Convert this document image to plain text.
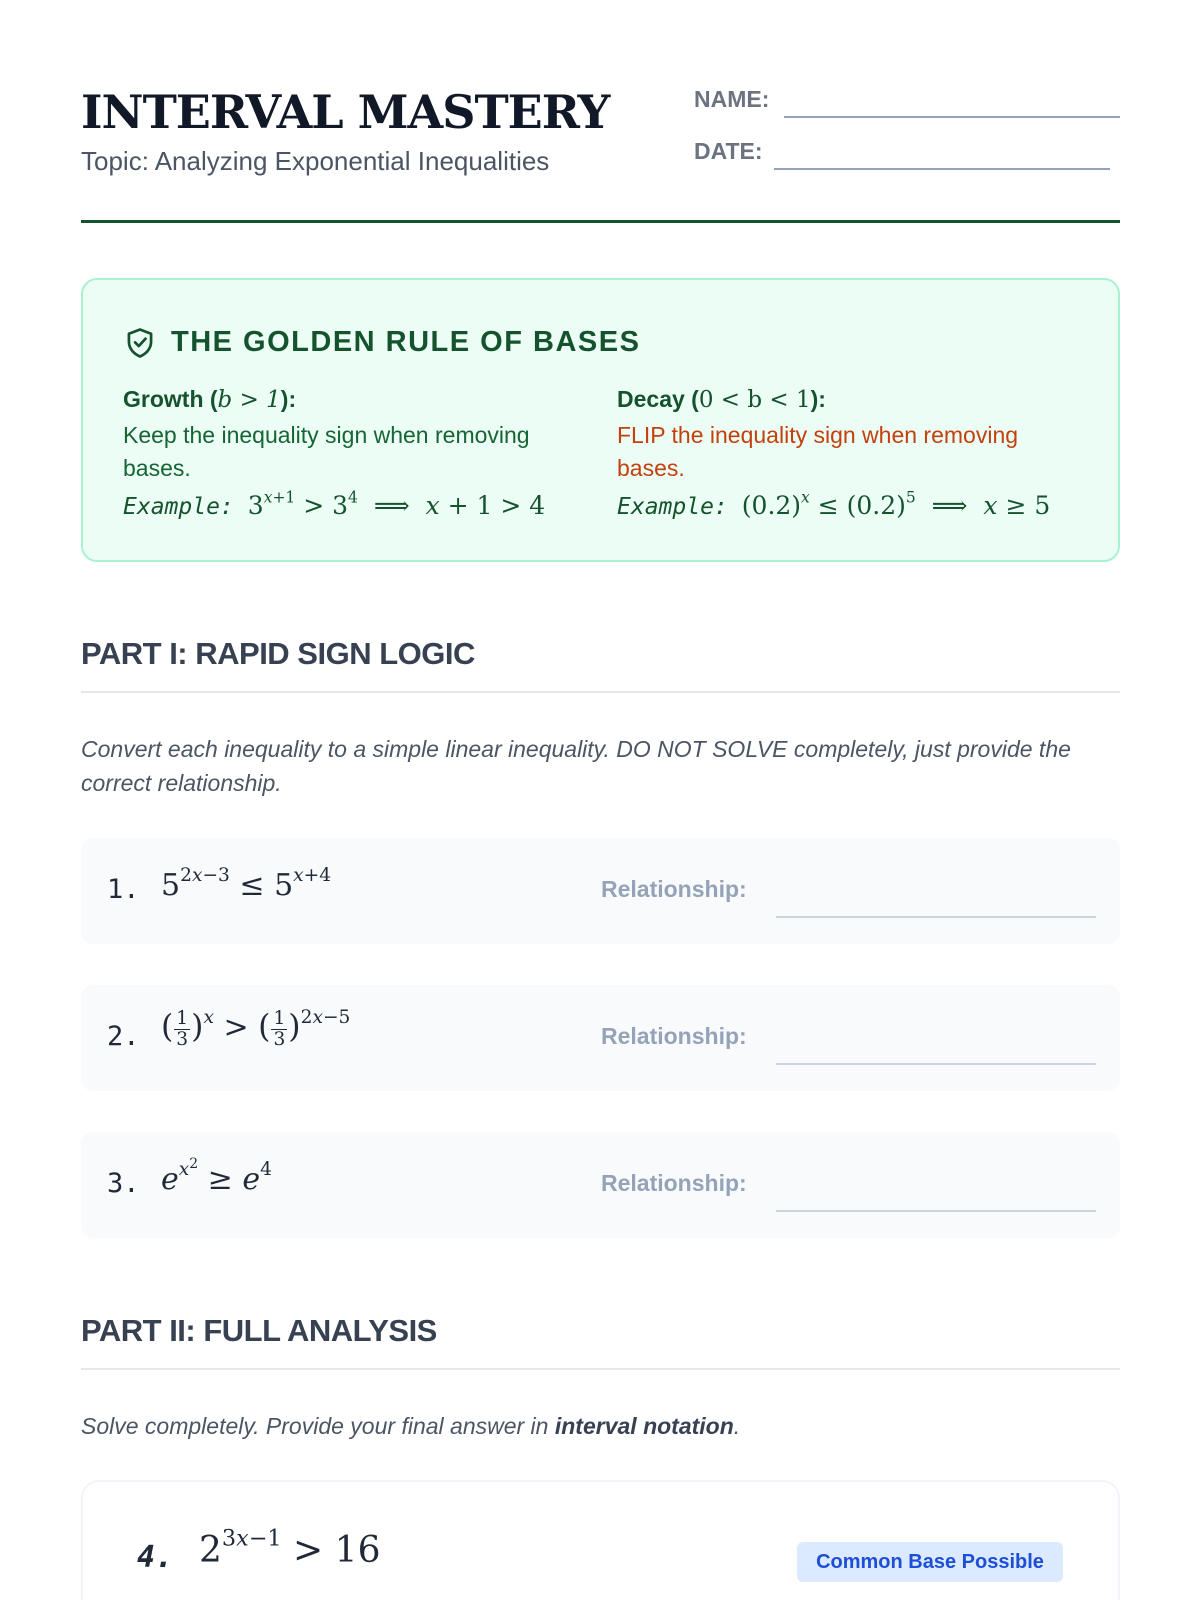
INTERVAL MASTERY
Topic: Analyzing Exponential Inequalities
NAME:
DATE:
THE GOLDEN RULE OF BASES
Growth (b > 1):
Keep the inequality sign when removing bases.
Example: $3^{x+1} > 3^4$  ⟹  x + 1 > 4
Decay (0 < b < 1):
FLIP the inequality sign when removing bases.
Example: $(0.2)^x \le (0.2)^5$  ⟹  x ≥ 5
PART I: RAPID SIGN LOGIC
Convert each inequality to a simple linear inequality. DO NOT SOLVE completely, just provide the correct relationship.
1. $5^{2x-3} \le 5^{x+4}$
Relationship:
2. ( $\frac{1}{3} )^x$ > ( $\frac{1}{3} )^{2x-5}$
Relationship:
3. $e^{x^2} \ge e^4$
Relationship:
PART II: FULL ANALYSIS
Solve completely. Provide your final answer in interval notation.
4. $2^{3x-1} > 16$	Common Base Possible
